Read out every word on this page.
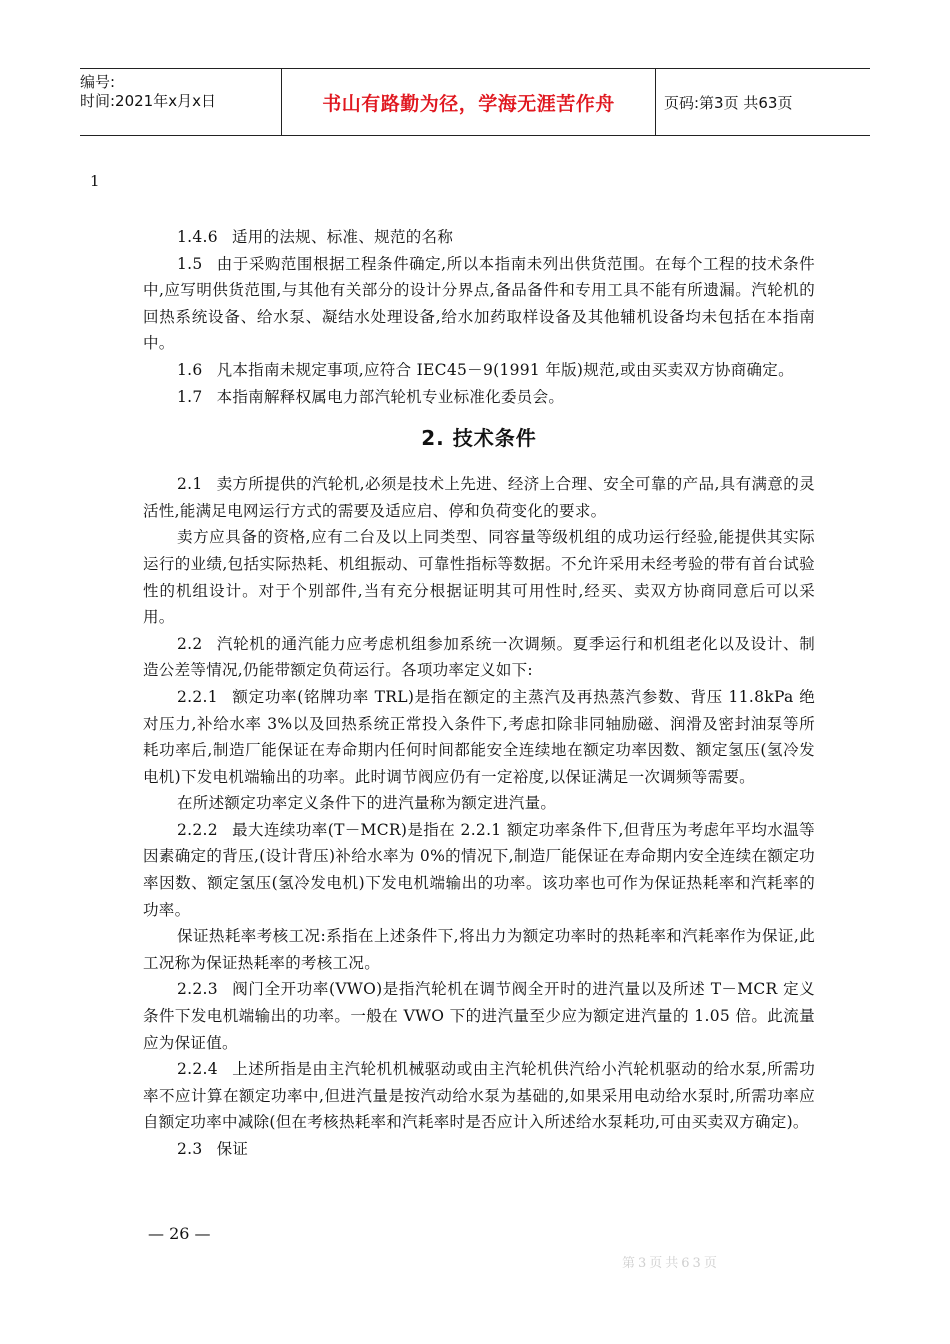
编号:
时间:2021年x月x日	书山有路勤为径，学海无涯苦作舟	页码:第3页 共63页
1

1.4.6 适用的法规、标准、规范的名称

1.5 由于采购范围根据工程条件确定,所以本指南未列出供货范围。在每个工程的技术条件中,应写明供货范围,与其他有关部分的设计分界点,备品备件和专用工具不能有所遗漏。汽轮机的回热系统设备、给水泵、凝结水处理设备,给水加药取样设备及其他辅机设备均未包括在本指南中。

1.6 凡本指南未规定事项,应符合 IEC45－9(1991 年版)规范,或由买卖双方协商确定。

1.7 本指南解释权属电力部汽轮机专业标准化委员会。

2. 技术条件

2.1 卖方所提供的汽轮机,必须是技术上先进、经济上合理、安全可靠的产品,具有满意的灵活性,能满足电网运行方式的需要及适应启、停和负荷变化的要求。

卖方应具备的资格,应有二台及以上同类型、同容量等级机组的成功运行经验,能提供其实际运行的业绩,包括实际热耗、机组振动、可靠性指标等数据。不允许采用未经考验的带有首台试验性的机组设计。对于个别部件,当有充分根据证明其可用性时,经买、卖双方协商同意后可以采用。

2.2 汽轮机的通汽能力应考虑机组参加系统一次调频。夏季运行和机组老化以及设计、制造公差等情况,仍能带额定负荷运行。各项功率定义如下:

2.2.1 额定功率(铭牌功率 TRL)是指在额定的主蒸汽及再热蒸汽参数、背压 11.8kPa 绝对压力,补给水率 3%以及回热系统正常投入条件下,考虑扣除非同轴励磁、润滑及密封油泵等所耗功率后,制造厂能保证在寿命期内任何时间都能安全连续地在额定功率因数、额定氢压(氢冷发电机)下发电机端输出的功率。此时调节阀应仍有一定裕度,以保证满足一次调频等需要。

在所述额定功率定义条件下的进汽量称为额定进汽量。

2.2.2 最大连续功率(T－MCR)是指在 2.2.1 额定功率条件下,但背压为考虑年平均水温等因素确定的背压,(设计背压)补给水率为 0%的情况下,制造厂能保证在寿命期内安全连续在额定功率因数、额定氢压(氢冷发电机)下发电机端输出的功率。该功率也可作为保证热耗率和汽耗率的功率。

保证热耗率考核工况:系指在上述条件下,将出力为额定功率时的热耗率和汽耗率作为保证,此工况称为保证热耗率的考核工况。

2.2.3 阀门全开功率(VWO)是指汽轮机在调节阀全开时的进汽量以及所述 T－MCR 定义条件下发电机端输出的功率。一般在 VWO 下的进汽量至少应为额定进汽量的 1.05 倍。此流量应为保证值。

2.2.4 上述所指是由主汽轮机机械驱动或由主汽轮机供汽给小汽轮机驱动的给水泵,所需功率不应计算在额定功率中,但进汽量是按汽动给水泵为基础的,如果采用电动给水泵时,所需功率应自额定功率中减除(但在考核热耗率和汽耗率时是否应计入所述给水泵耗功,可由买卖双方确定)。

2.3 保证

— 26 —
第3页共63页
